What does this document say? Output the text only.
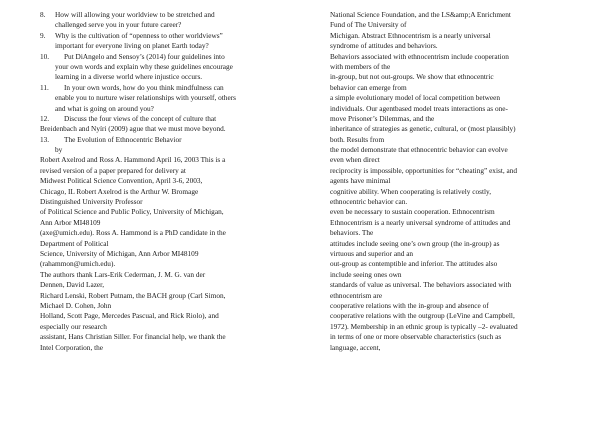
8. How will allowing your worldview to be stretched and
challenged serve you in your future career?
9. Why is the cultivation of “openness to other worldviews”
important for everyone living on planet Earth today?
10. Put DiAngelo and Sensoy’s (2014) four guidelines into
your own words and explain why these guidelines encourage
learning in a diverse world where injustice occurs.
11. In your own words, how do you think mindfulness can
enable you to nurture wiser relationships with yourself, others
and what is going on around you?
12. Discuss the four views of the concept of culture that
Breidenbach and Nyíri (2009) ague that we must move beyond.
13. The Evolution of Ethnocentric Behavior
by
Robert Axelrod and Ross A. Hammond April 16, 2003 This is a
revised version of a paper prepared for delivery at
Midwest Political Science Convention, April 3-6, 2003,
Chicago, IL Robert Axelrod is the Arthur W. Bromage
Distinguished University Professor
of Political Science and Public Policy, University of Michigan,
Ann Arbor MI48109
(axe@umich.edu). Ross A. Hammond is a PhD candidate in the
Department of Political
Science, University of Michigan, Ann Arbor MI48109
(rahammon@umich.edu).
The authors thank Lars-Erik Cederman, J. M. G. van der
Dennen, David Lazer,
Richard Lenski, Robert Putnam, the BACH group (Carl Simon,
Michael D. Cohen, John
Holland, Scott Page, Mercedes Pascual, and Rick Riolo), and
especially our research
assistant, Hans Christian Siller. For financial help, we thank the
Intel Corporation, the
National Science Foundation, and the LS&amp;A Enrichment
Fund of The University of
Michigan. Abstract Ethnocentrism is a nearly universal
syndrome of attitudes and behaviors.
Behaviors associated with ethnocentrism include cooperation
with members of the
in-group, but not out-groups. We show that ethnocentric
behavior can emerge from
a simple evolutionary model of local competition between
individuals. Our agentbased model treats interactions as one-
move Prisoner’s Dilemmas, and the
inheritance of strategies as genetic, cultural, or (most plausibly)
both. Results from
the model demonstrate that ethnocentric behavior can evolve
even when direct
reciprocity is impossible, opportunities for “cheating” exist, and
agents have minimal
cognitive ability. When cooperating is relatively costly,
ethnocentric behavior can.
even be necessary to sustain cooperation. Ethnocentrism
Ethnocentrism is a nearly universal syndrome of attitudes and
behaviors. The
attitudes include seeing one’s own group (the in-group) as
virtuous and superior and an
out-group as contemptible and inferior. The attitudes also
include seeing ones own
standards of value as universal. The behaviors associated with
ethnocentrism are
cooperative relations with the in-group and absence of
cooperative relations with the outgroup (LeVine and Campbell,
1972). Membership in an ethnic group is typically –2- evaluated
in terms of one or more observable characteristics (such as
language, accent,
